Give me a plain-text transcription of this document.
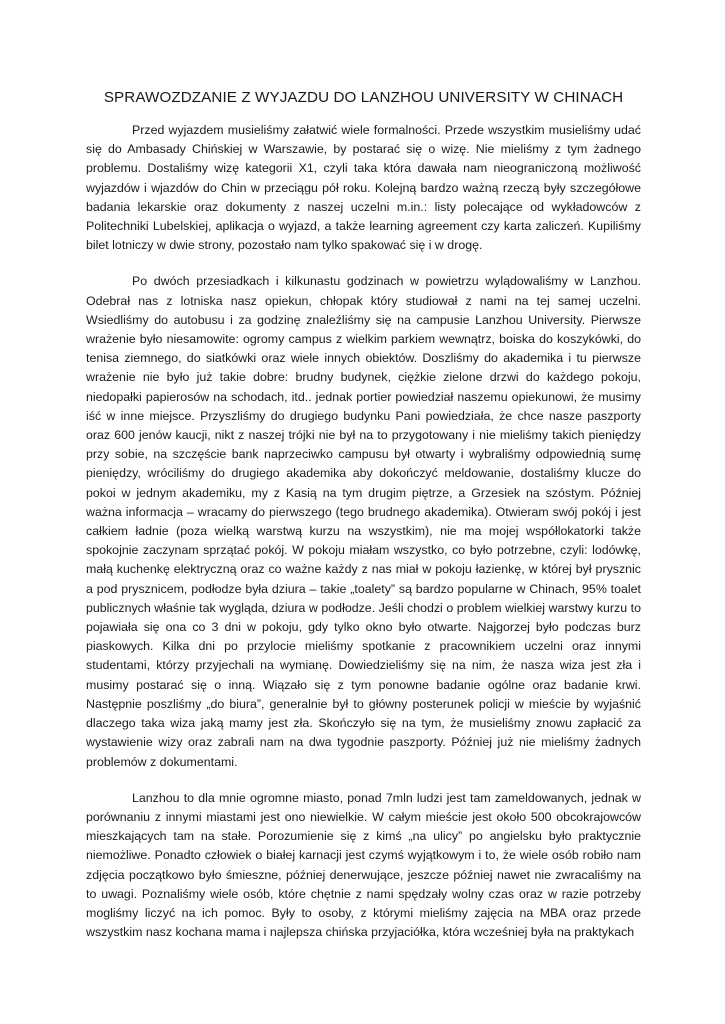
SPRAWOZDZANIE Z WYJAZDU DO LANZHOU UNIVERSITY W CHINACH

Przed wyjazdem musieliśmy załatwić wiele formalności. Przede wszystkim musieliśmy udać się do Ambasady Chińskiej w Warszawie, by postarać się o wizę. Nie mieliśmy z tym żadnego problemu. Dostaliśmy wizę kategorii X1, czyli taka która dawała nam nieograniczoną możliwość wyjazdów i wjazdów do Chin w przeciągu pół roku. Kolejną bardzo ważną rzeczą były szczegółowe badania lekarskie oraz dokumenty z naszej uczelni m.in.: listy polecające od wykładowców z Politechniki Lubelskiej, aplikacja o wyjazd, a także learning agreement czy karta zaliczeń. Kupiliśmy bilet lotniczy w dwie strony, pozostało nam tylko spakować się i w drogę.

Po dwóch przesiadkach i kilkunastu godzinach w powietrzu wylądowaliśmy w Lanzhou. Odebrał nas z lotniska nasz opiekun, chłopak który studiował z nami na tej samej uczelni. Wsiedliśmy do autobusu i za godzinę znaleźliśmy się na campusie Lanzhou University. Pierwsze wrażenie było niesamowite: ogromy campus z wielkim parkiem wewnątrz, boiska do koszykówki, do tenisa ziemnego, do siatkówki oraz wiele innych obiektów. Doszliśmy do akademika i tu pierwsze wrażenie nie było już takie dobre: brudny budynek, ciężkie zielone drzwi do każdego pokoju, niedopałki papierosów na schodach, itd.. jednak portier powiedział naszemu opiekunowi, że musimy iść w inne miejsce. Przyszliśmy do drugiego budynku Pani powiedziała, że chce nasze paszporty oraz 600 jenów kaucji, nikt z naszej trójki nie był na to przygotowany i nie mieliśmy takich pieniędzy przy sobie, na szczęście bank naprzeciwko campusu był otwarty i wybraliśmy odpowiednią sumę pieniędzy, wróciliśmy do drugiego akademika aby dokończyć meldowanie, dostaliśmy klucze do pokoi w jednym akademiku, my z Kasią na tym drugim piętrze, a Grzesiek na szóstym. Później ważna informacja – wracamy do pierwszego (tego brudnego akademika). Otwieram swój pokój i jest całkiem ładnie (poza wielką warstwą kurzu na wszystkim), nie ma mojej współlokatorki także spokojnie zaczynam sprzątać pokój. W pokoju miałam wszystko, co było potrzebne, czyli: lodówkę, małą kuchenkę elektryczną oraz co ważne każdy z nas miał w pokoju łazienkę, w której był prysznic a pod prysznicem, podłodze była dziura – takie „toalety” są bardzo popularne w Chinach, 95% toalet publicznych właśnie tak wygląda, dziura w podłodze. Jeśli chodzi o problem wielkiej warstwy kurzu to pojawiała się ona co 3 dni w pokoju, gdy tylko okno było otwarte. Najgorzej było podczas burz piaskowych. Kilka dni po przylocie mieliśmy spotkanie z pracownikiem uczelni oraz innymi studentami, którzy przyjechali na wymianę. Dowiedzieliśmy się na nim, że nasza wiza jest zła i musimy postarać się o inną. Wiązało się z tym ponowne badanie ogólne oraz badanie krwi. Następnie poszliśmy „do biura”, generalnie był to główny posterunek policji w mieście by wyjaśnić dlaczego taka wiza jaką mamy jest zła. Skończyło się na tym, że musieliśmy znowu zapłacić za wystawienie wizy oraz zabrali nam na dwa tygodnie paszporty. Później już nie mieliśmy żadnych problemów z dokumentami.

Lanzhou to dla mnie ogromne miasto, ponad 7mln ludzi jest tam zameldowanych, jednak w porównaniu z innymi miastami jest ono niewielkie. W całym mieście jest około 500 obcokrajowców mieszkających tam na stałe. Porozumienie się z kimś „na ulicy” po angielsku było praktycznie niemożliwe. Ponadto człowiek o białej karnacji jest czymś wyjątkowym i to, że wiele osób robiło nam zdjęcia początkowo było śmieszne, później denerwujące, jeszcze później nawet nie zwracaliśmy na to uwagi. Poznaliśmy wiele osób, które chętnie z nami spędzały wolny czas oraz w razie potrzeby mogliśmy liczyć na ich pomoc. Były to osoby, z którymi mieliśmy zajęcia na MBA oraz przede wszystkim nasz kochana mama i najlepsza chińska przyjaciółka, która wcześniej była na praktykach
